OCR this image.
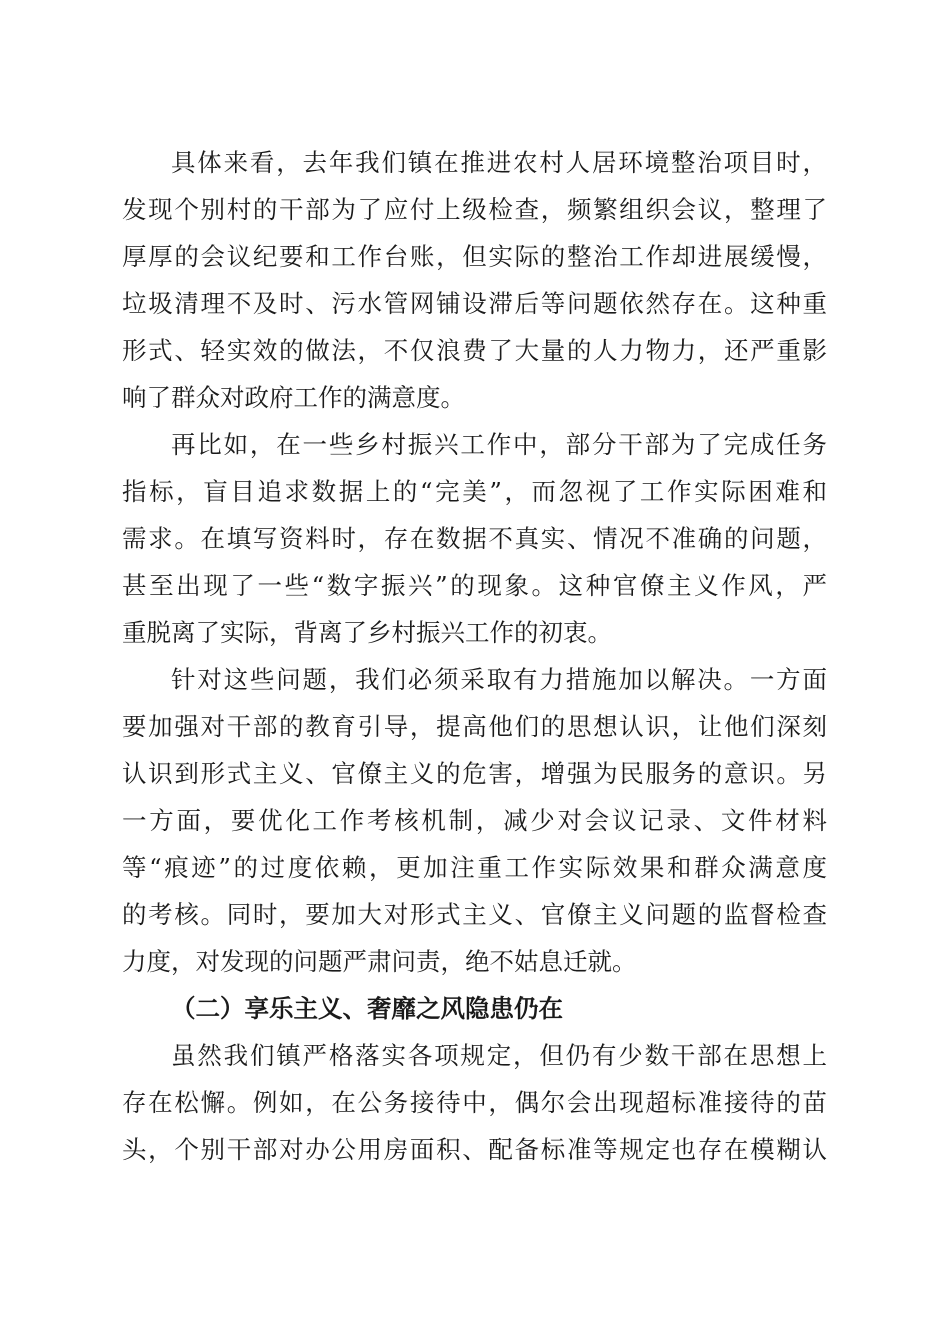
具体来看，去年我们镇在推进农村人居环境整治项目时，
发现个别村的干部为了应付上级检查，频繁组织会议，整理了
厚厚的会议纪要和工作台账，但实际的整治工作却进展缓慢，
垃圾清理不及时、污水管网铺设滞后等问题依然存在。这种重
形式、轻实效的做法，不仅浪费了大量的人力物力，还严重影
响了群众对政府工作的满意度。
再比如，在一些乡村振兴工作中，部分干部为了完成任务
指标，盲目追求数据上的“完美”，而忽视了工作实际困难和
需求。在填写资料时，存在数据不真实、情况不准确的问题，
甚至出现了一些“数字振兴”的现象。这种官僚主义作风，严
重脱离了实际，背离了乡村振兴工作的初衷。
针对这些问题，我们必须采取有力措施加以解决。一方面
要加强对干部的教育引导，提高他们的思想认识，让他们深刻
认识到形式主义、官僚主义的危害，增强为民服务的意识。另
一方面，要优化工作考核机制，减少对会议记录、文件材料
等“痕迹”的过度依赖，更加注重工作实际效果和群众满意度
的考核。同时，要加大对形式主义、官僚主义问题的监督检查
力度，对发现的问题严肃问责，绝不姑息迁就。
（二）享乐主义、奢靡之风隐患仍在
虽然我们镇严格落实各项规定，但仍有少数干部在思想上
存在松懈。例如，在公务接待中，偶尔会出现超标准接待的苗
头，个别干部对办公用房面积、配备标准等规定也存在模糊认
